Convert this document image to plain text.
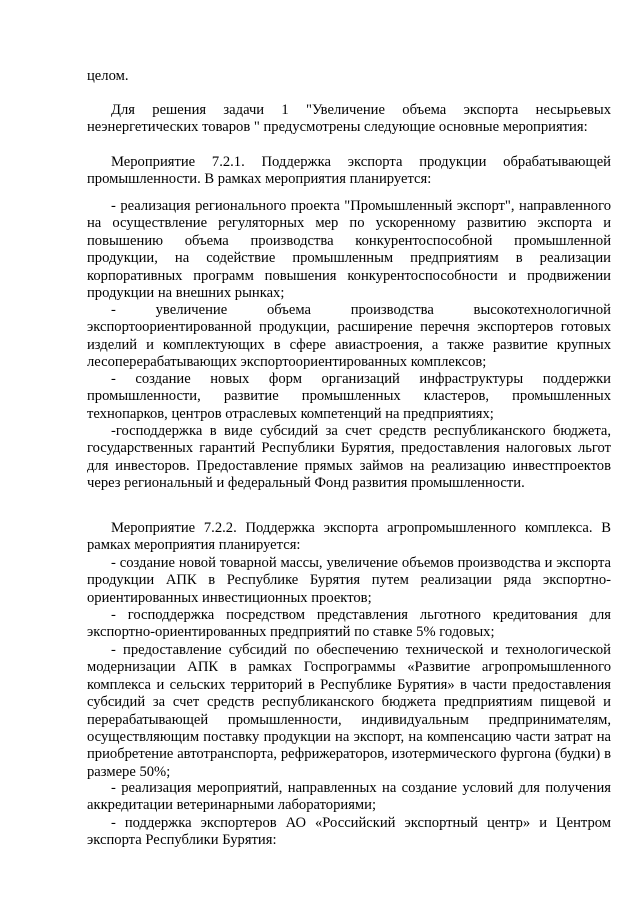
целом.

Для решения задачи 1 "Увеличение объема экспорта несырьевых неэнергетических товаров " предусмотрены следующие основные мероприятия:

Мероприятие 7.2.1. Поддержка экспорта продукции обрабатывающей промышленности. В рамках мероприятия планируется:

- реализация регионального проекта "Промышленный экспорт", направленного на осуществление регуляторных мер по ускоренному развитию экспорта и повышению объема производства конкурентоспособной промышленной продукции, на содействие промышленным предприятиям в реализации корпоративных программ повышения конкурентоспособности и продвижении продукции на внешних рынках;

- увеличение объема производства высокотехнологичной экспортоориентированной продукции, расширение перечня экспортеров готовых изделий и комплектующих в сфере авиастроения, а также развитие крупных лесоперерабатывающих экспортоориентированных комплексов;

- создание новых форм организаций инфраструктуры поддержки промышленности, развитие промышленных кластеров, промышленных технопарков, центров отраслевых компетенций на предприятиях;

-господдержка в виде субсидий за счет средств республиканского бюджета, государственных гарантий Республики Бурятия, предоставления налоговых льгот для инвесторов. Предоставление прямых займов на реализацию инвестпроектов через региональный и федеральный Фонд развития промышленности.

Мероприятие 7.2.2. Поддержка экспорта агропромышленного комплекса. В рамках мероприятия планируется:

- создание новой товарной массы, увеличение объемов производства и экспорта продукции АПК в Республике Бурятия путем реализации ряда экспортно-ориентированных инвестиционных проектов;

- господдержка посредством представления льготного кредитования для экспортно-ориентированных предприятий по ставке 5% годовых;

- предоставление субсидий по обеспечению технической и технологической модернизации АПК в рамках Госпрограммы «Развитие агропромышленного комплекса и сельских территорий в Республике Бурятия» в части предоставления субсидий за счет средств республиканского бюджета предприятиям пищевой и перерабатывающей промышленности, индивидуальным предпринимателям, осуществляющим поставку продукции на экспорт, на компенсацию части затрат на приобретение автотранспорта, рефрижераторов, изотермического фургона (будки) в размере 50%;

- реализация мероприятий, направленных на создание условий для получения аккредитации ветеринарными лабораториями;

- поддержка экспортеров АО «Российский экспортный центр» и Центром экспорта Республики Бурятия:
